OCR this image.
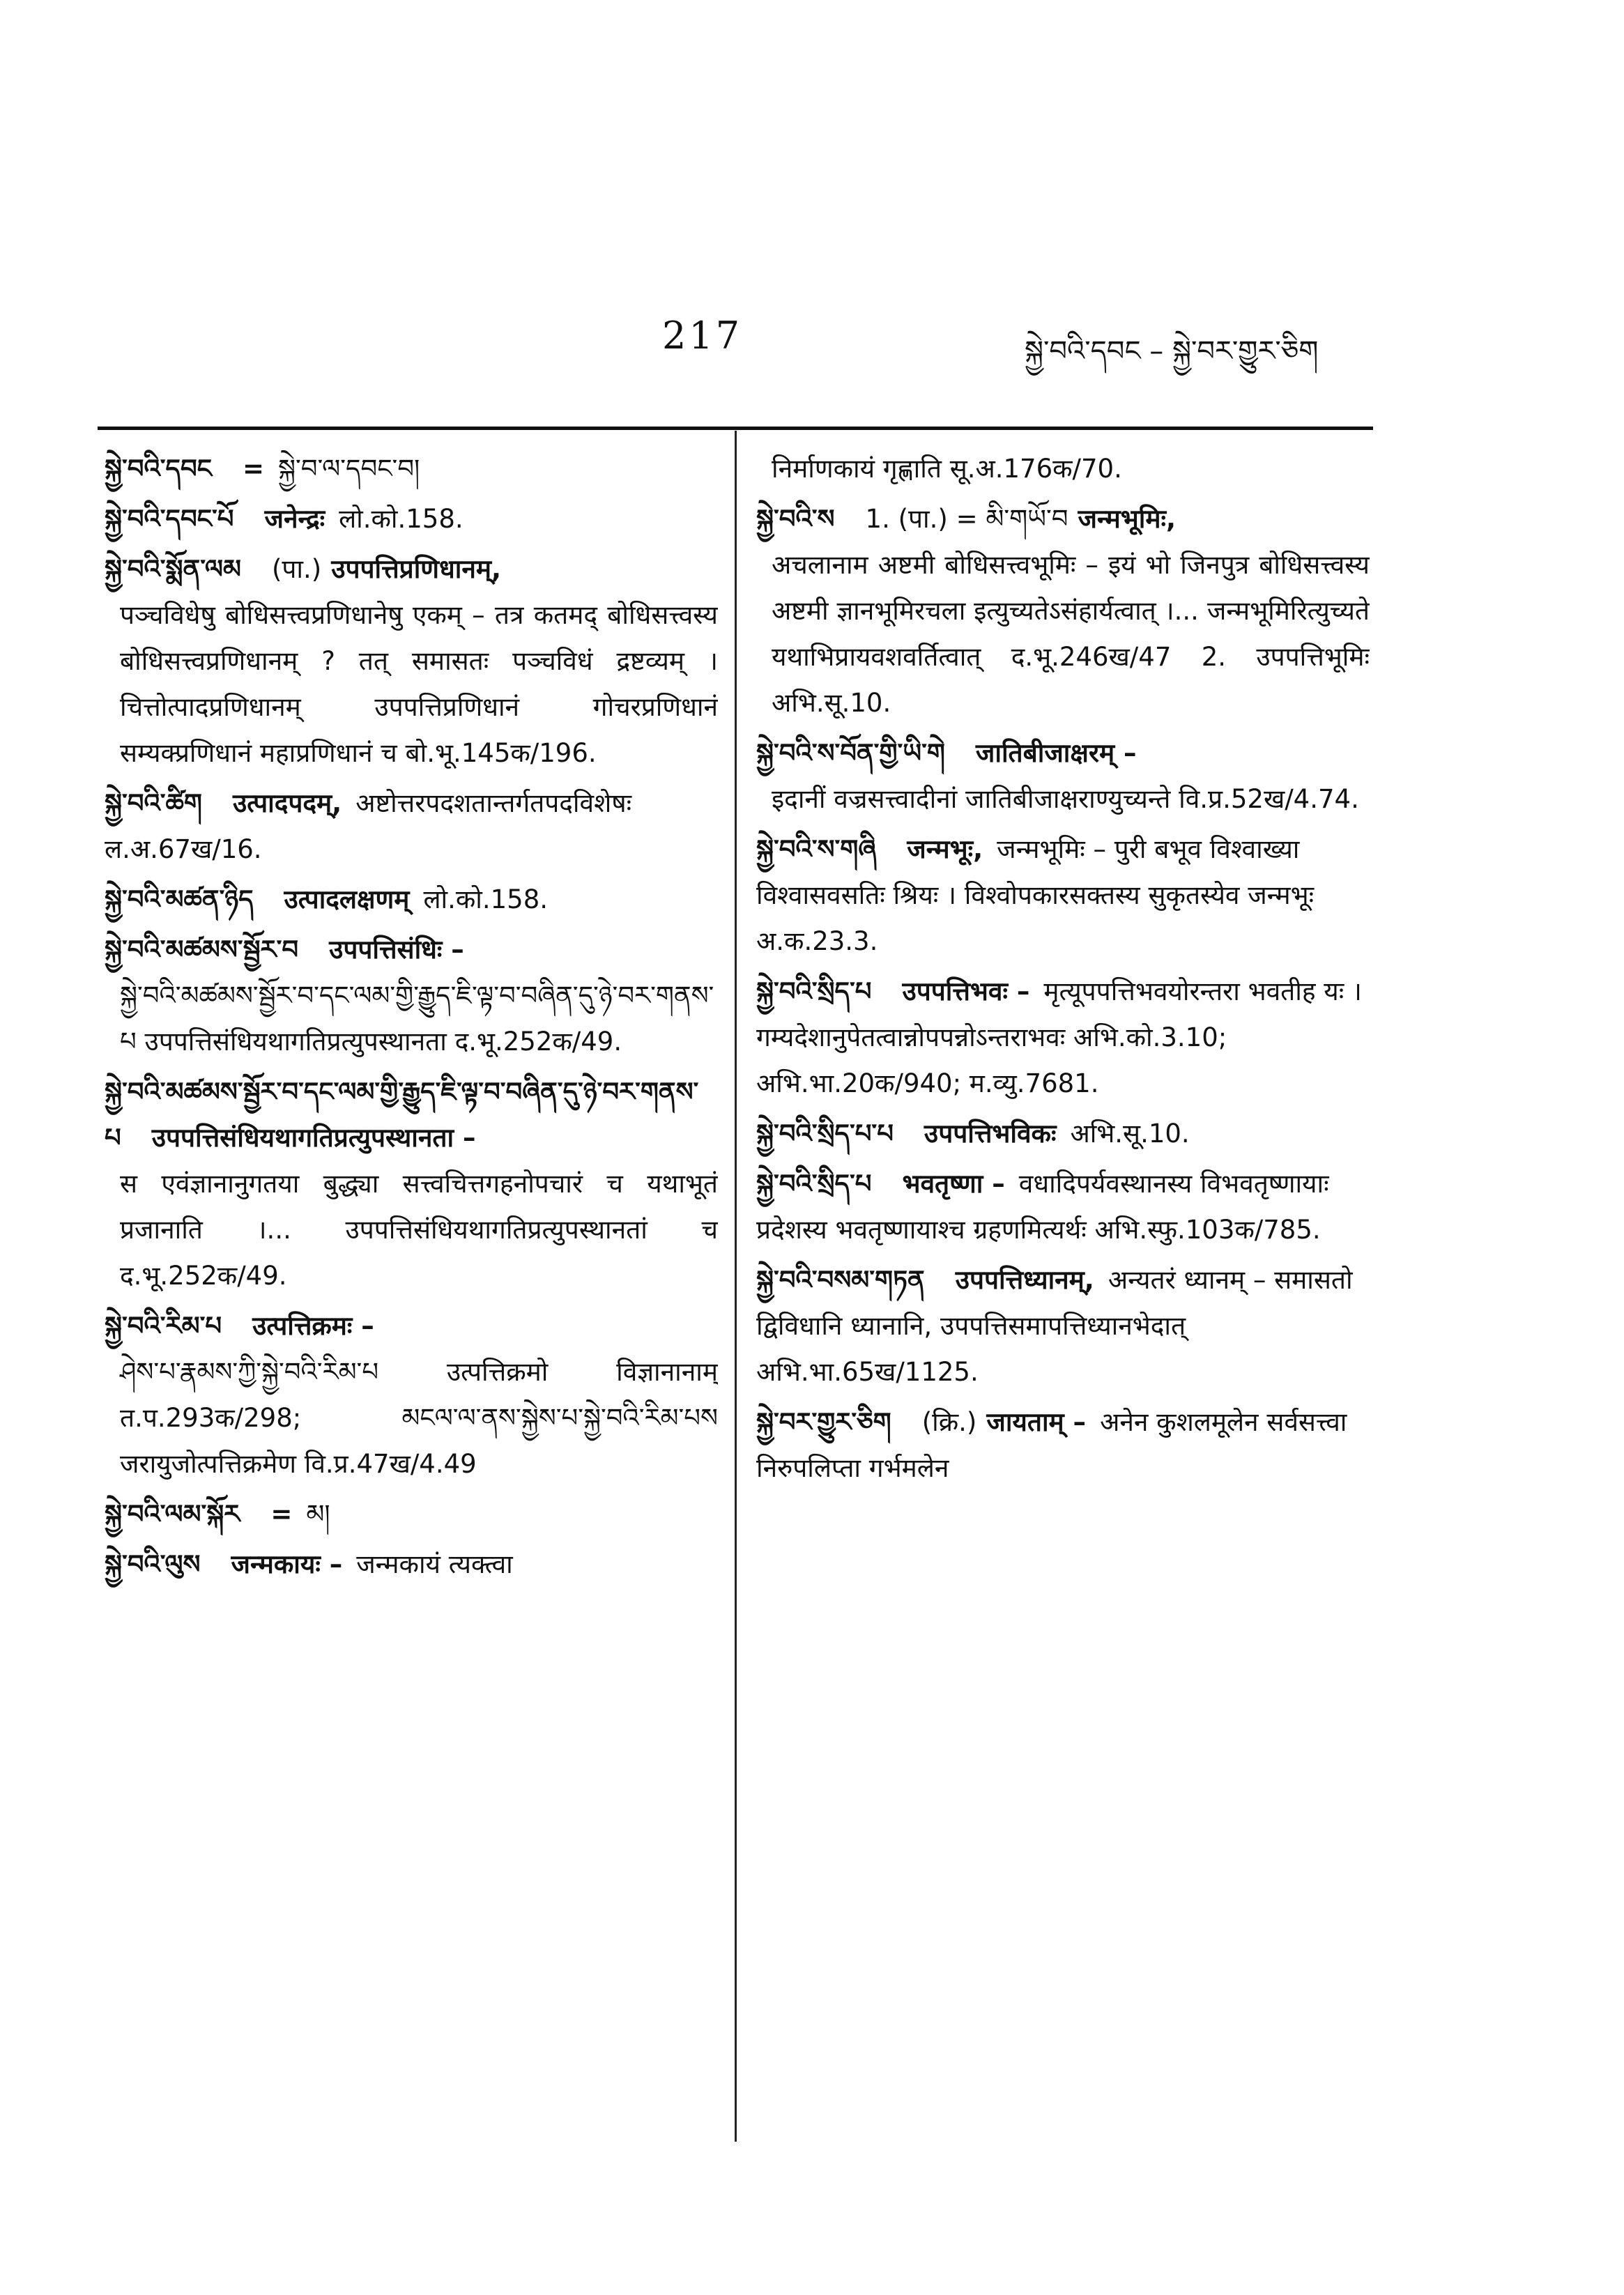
217	སྐྱེ་བའི་དབང – སྐྱེ་བར་གྱུར་ཅིག
སྐྱེ་བའི་དབང = སྐྱེ་བ་ལ་དབང་བ།
སྐྱེ་བའི་དབང་པོ जनेन्द्रः लो.को.158.
སྐྱེ་བའི་སྨོན་ལམ (पा.) उपपत्तिप्रणिधानम्,
पञ्चविधेषु बोधिसत्त्वप्रणिधानेषु एकम् – तत्र कतमद् बोधिसत्त्वस्य बोधिसत्त्वप्रणिधानम् ? तत् समासतः पञ्चविधं द्रष्टव्यम् । चित्तोत्पादप्रणिधानम् उपपत्तिप्रणिधानं गोचरप्रणिधानं सम्यक्प्रणिधानं महाप्रणिधानं च बो.भू.145क/196.
སྐྱེ་བའི་ཚིག उत्पादपदम्, अष्टोत्तरपदशतान्तर्गतपदविशेषः ल.अ.67ख/16.
སྐྱེ་བའི་མཚན་ཉིད उत्पादलक्षणम् लो.को.158.
སྐྱེ་བའི་མཚམས་སྦྱོར་བ उपपत्तिसंधिः –
སྐྱེ་བའི་མཚམས་སྦྱོར་བ་དང་ལམ་གྱི་རྒྱུད་ཇི་ལྟ་བ་བཞིན་དུ་ཉེ་བར་གནས་པ उपपत्तिसंधियथागतिप्रत्युपस्थानता द.भू.252क/49.
སྐྱེ་བའི་མཚམས་སྦྱོར་བ་དང་ལམ་གྱི་རྒྱུད་ཇི་ལྟ་བ་བཞིན་དུ་ཉེ་བར་གནས་པ उपपत्तिसंधियथागतिप्रत्युपस्थानता –
स एवंज्ञानानुगतया बुद्ध्या सत्त्वचित्तगहनोपचारं च यथाभूतं प्रजानाति ।... उपपत्तिसंधियथागतिप्रत्युपस्थानतां च द.भू.252क/49.
སྐྱེ་བའི་རིམ་པ उत्पत्तिक्रमः –
ཤེས་པ་རྣམས་ཀྱི་སྐྱེ་བའི་རིམ་པ उत्पत्तिक्रमो विज्ञानानाम् त.प.293क/298; མངལ་ལ་ནས་སྐྱེས་པ་སྐྱེ་བའི་རིམ་པས जरायुजोत्पत्तिक्रमेण वि.प्र.47ख/4.49
སྐྱེ་བའི་ལམ་སྐོར = མ།
སྐྱེ་བའི་ལུས जन्मकायः – जन्मकायं त्यक्त्वा
निर्माणकायं गृह्णाति सू.अ.176क/70.
སྐྱེ་བའི་ས 1. (पा.) = མི་གཡོ་བ जन्मभूमिः,
अचलानाम अष्टमी बोधिसत्त्वभूमिः – इयं भो जिनपुत्र बोधिसत्त्वस्य अष्टमी ज्ञानभूमिरचला इत्युच्यतेऽसंहार्यत्वात् ।... जन्मभूमिरित्युच्यते यथाभिप्रायवशवर्तित्वात् द.भू.246ख/47 2. उपपत्तिभूमिः अभि.सू.10.
སྐྱེ་བའི་ས་བོན་གྱི་ཡི་གེ जातिबीजाक्षरम् –
इदानीं वज्रसत्त्वादीनां जातिबीजाक्षराण्युच्यन्ते वि.प्र.52ख/4.74.
སྐྱེ་བའི་ས་གཞི जन्मभूः, जन्मभूमिः – पुरी बभूव विश्वाख्या विश्वासवसतिः श्रियः । विश्वोपकारसक्तस्य सुकृतस्येव जन्मभूः अ.क.23.3.
སྐྱེ་བའི་སྲིད་པ उपपत्तिभवः – मृत्यूपपत्तिभवयोरन्तरा भवतीह यः । गम्यदेशानुपेतत्वान्नोपपन्नोऽन्तराभवः अभि.को.3.10; अभि.भा.20क/940; म.व्यु.7681.
སྐྱེ་བའི་སྲིད་པ་པ उपपत्तिभविकः अभि.सू.10.
སྐྱེ་བའི་སྲིད་པ भवतृष्णा – वधादिपर्यवस्थानस्य विभवतृष्णायाः प्रदेशस्य भवतृष्णायाश्च ग्रहणमित्यर्थः अभि.स्फु.103क/785.
སྐྱེ་བའི་བསམ་གཏན उपपत्तिध्यानम्, अन्यतरं ध्यानम् – समासतो द्विविधानि ध्यानानि, उपपत्तिसमापत्तिध्यानभेदात् अभि.भा.65ख/1125.
སྐྱེ་བར་གྱུར་ཅིག (क्रि.) जायताम् – अनेन कुशलमूलेन सर्वसत्त्वा निरुपलिप्ता गर्भमलेन
